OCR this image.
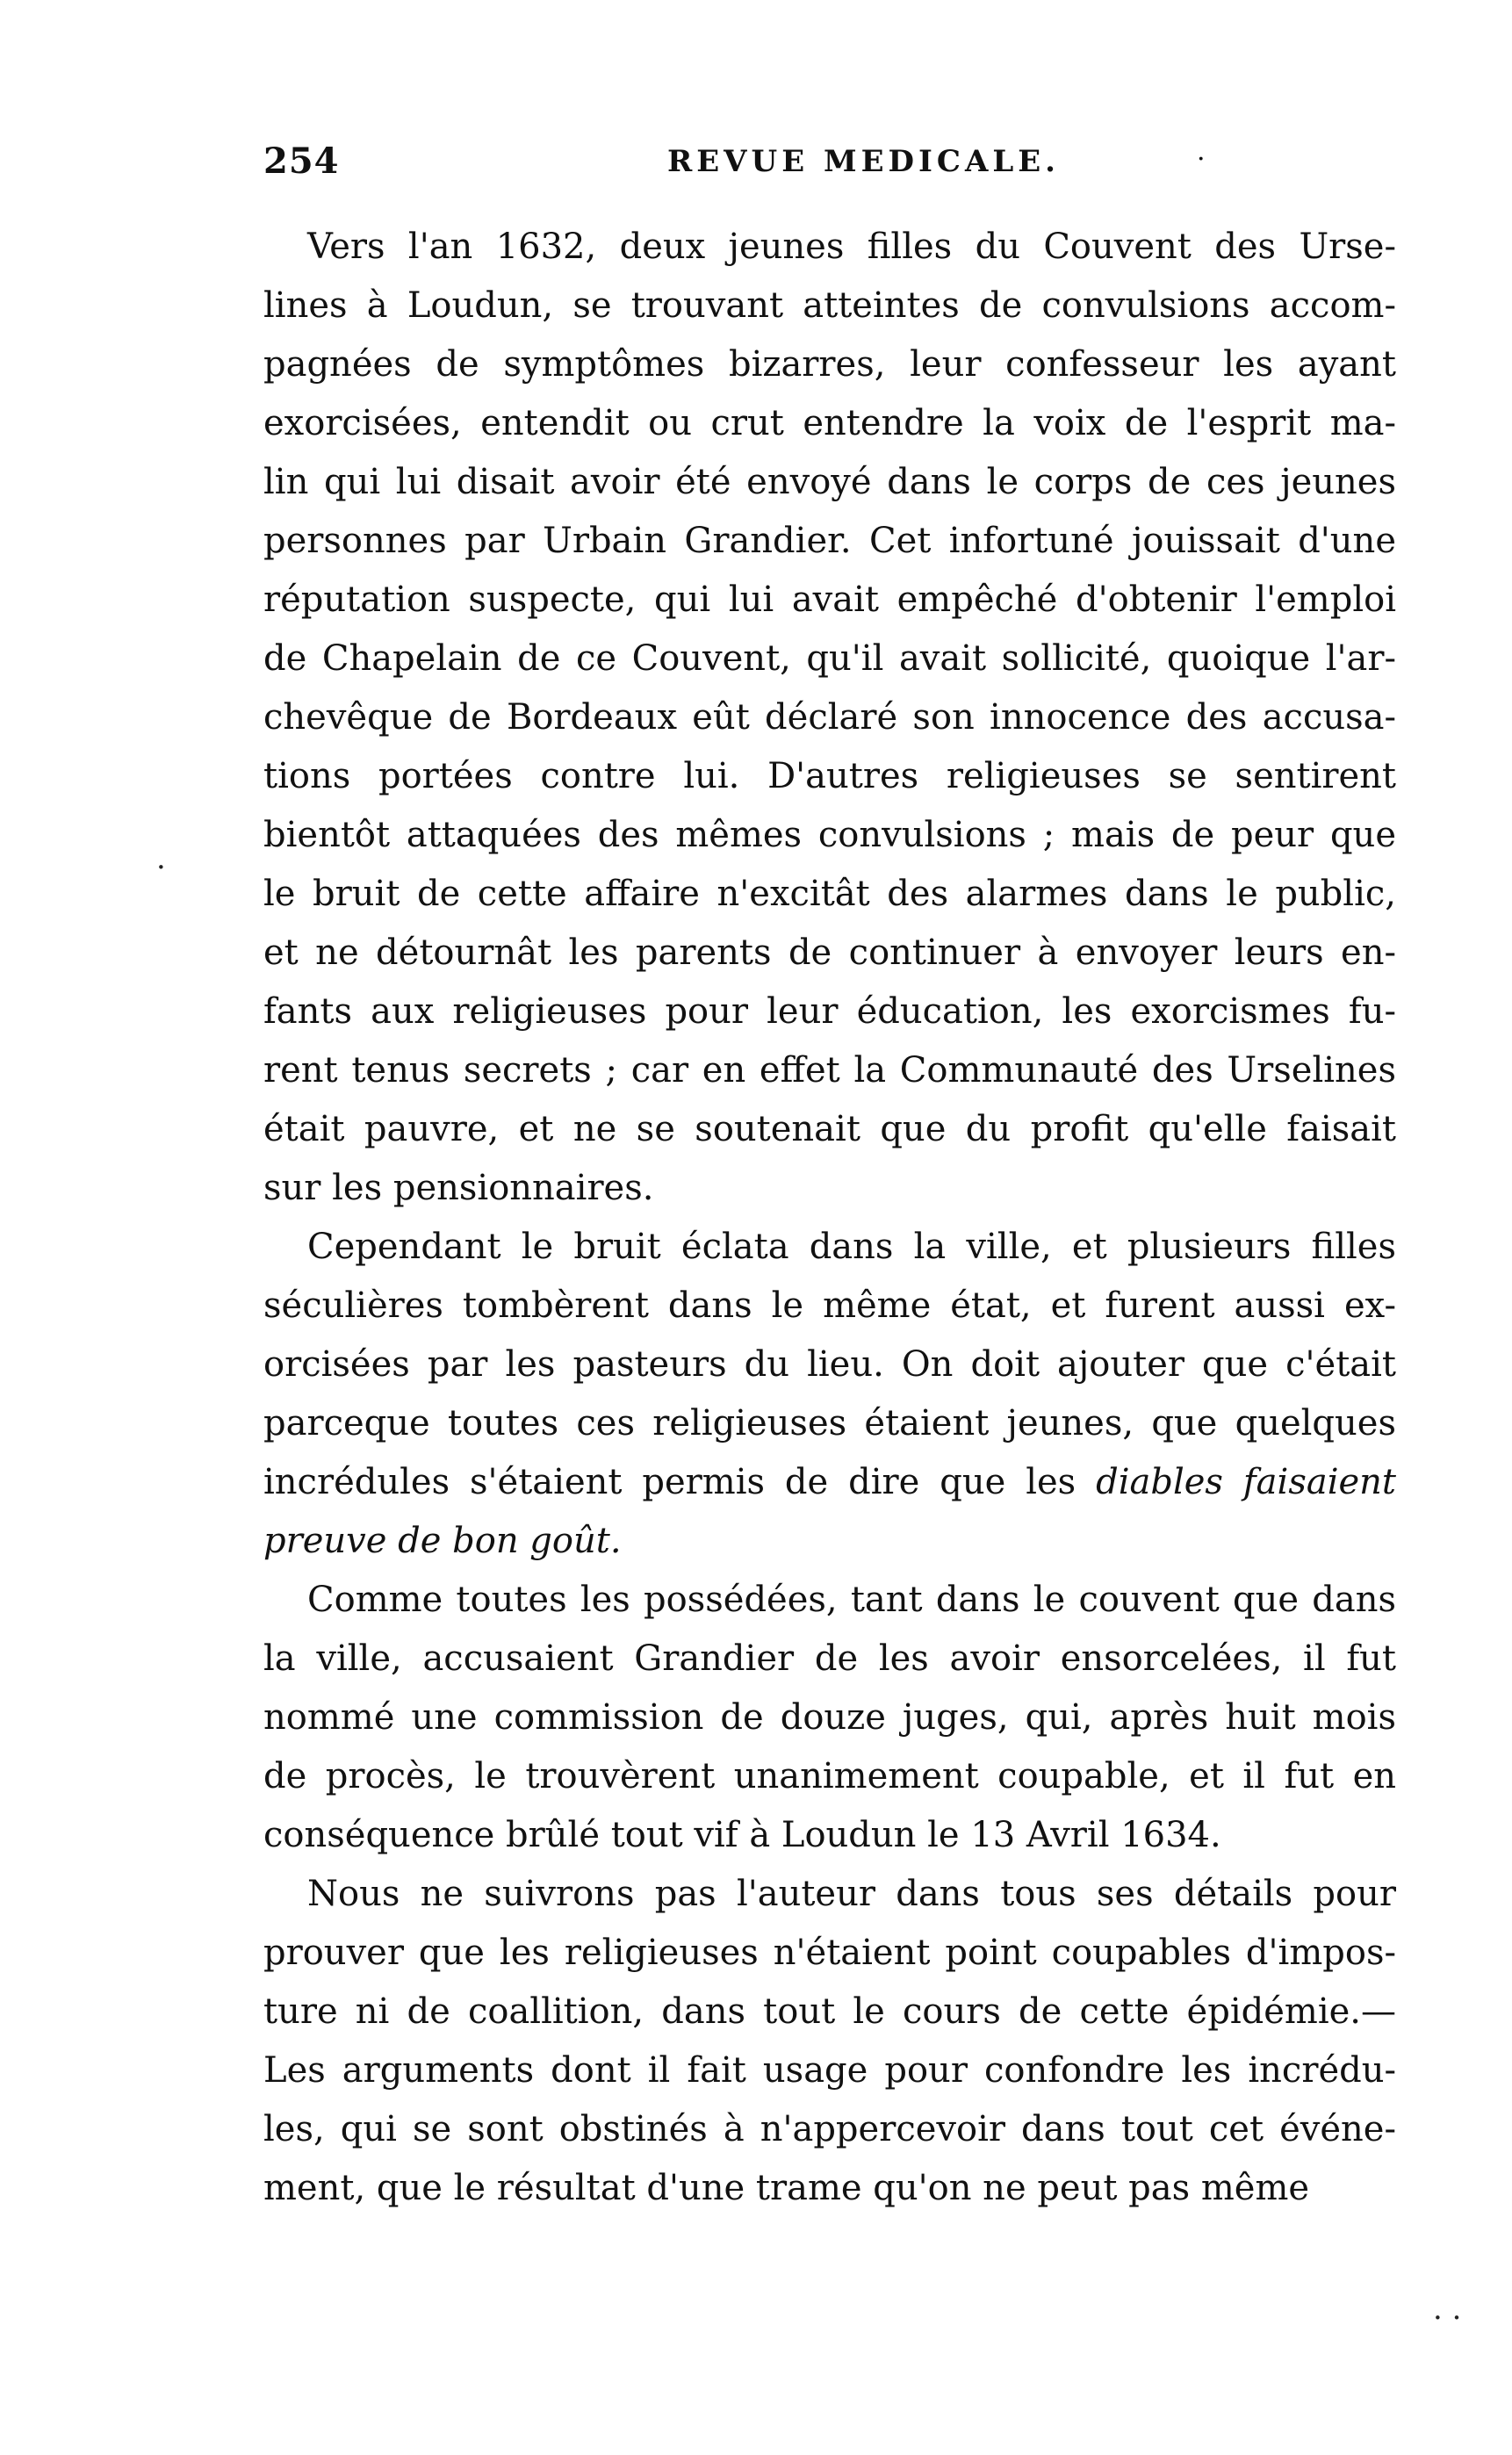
254	REVUE MEDICALE.	·
Vers l'an 1632, deux jeunes filles du Couvent des Urse-
lines à Loudun, se trouvant atteintes de convulsions accom-
pagnées de symptômes bizarres, leur confesseur les ayant
exorcisées, entendit ou crut entendre la voix de l'esprit ma-
lin qui lui disait avoir été envoyé dans le corps de ces jeunes
personnes par Urbain Grandier. Cet infortuné jouissait d'une
réputation suspecte, qui lui avait empêché d'obtenir l'emploi
de Chapelain de ce Couvent, qu'il avait sollicité, quoique l'ar-
chevêque de Bordeaux eût déclaré son innocence des accusa-
tions portées contre lui. D'autres religieuses se sentirent
bientôt attaquées des mêmes convulsions ; mais de peur que
le bruit de cette affaire n'excitât des alarmes dans le public,
et ne détournât les parents de continuer à envoyer leurs en-
fants aux religieuses pour leur éducation, les exorcismes fu-
rent tenus secrets ; car en effet la Communauté des Urselines
était pauvre, et ne se soutenait que du profit qu'elle faisait
sur les pensionnaires.
Cependant le bruit éclata dans la ville, et plusieurs filles
séculières tombèrent dans le même état, et furent aussi ex-
orcisées par les pasteurs du lieu. On doit ajouter que c'était
parceque toutes ces religieuses étaient jeunes, que quelques
incrédules s'étaient permis de dire que les diables faisaient
preuve de bon goût.
Comme toutes les possédées, tant dans le couvent que dans
la ville, accusaient Grandier de les avoir ensorcelées, il fut
nommé une commission de douze juges, qui, après huit mois
de procès, le trouvèrent unanimement coupable, et il fut en
conséquence brûlé tout vif à Loudun le 13 Avril 1634.
Nous ne suivrons pas l'auteur dans tous ses détails pour
prouver que les religieuses n'étaient point coupables d'impos-
ture ni de coallition, dans tout le cours de cette épidémie.—
Les arguments dont il fait usage pour confondre les incrédu-
les, qui se sont obstinés à n'appercevoir dans tout cet événe-
ment, que le résultat d'une trame qu'on ne peut pas même
·
· ·
